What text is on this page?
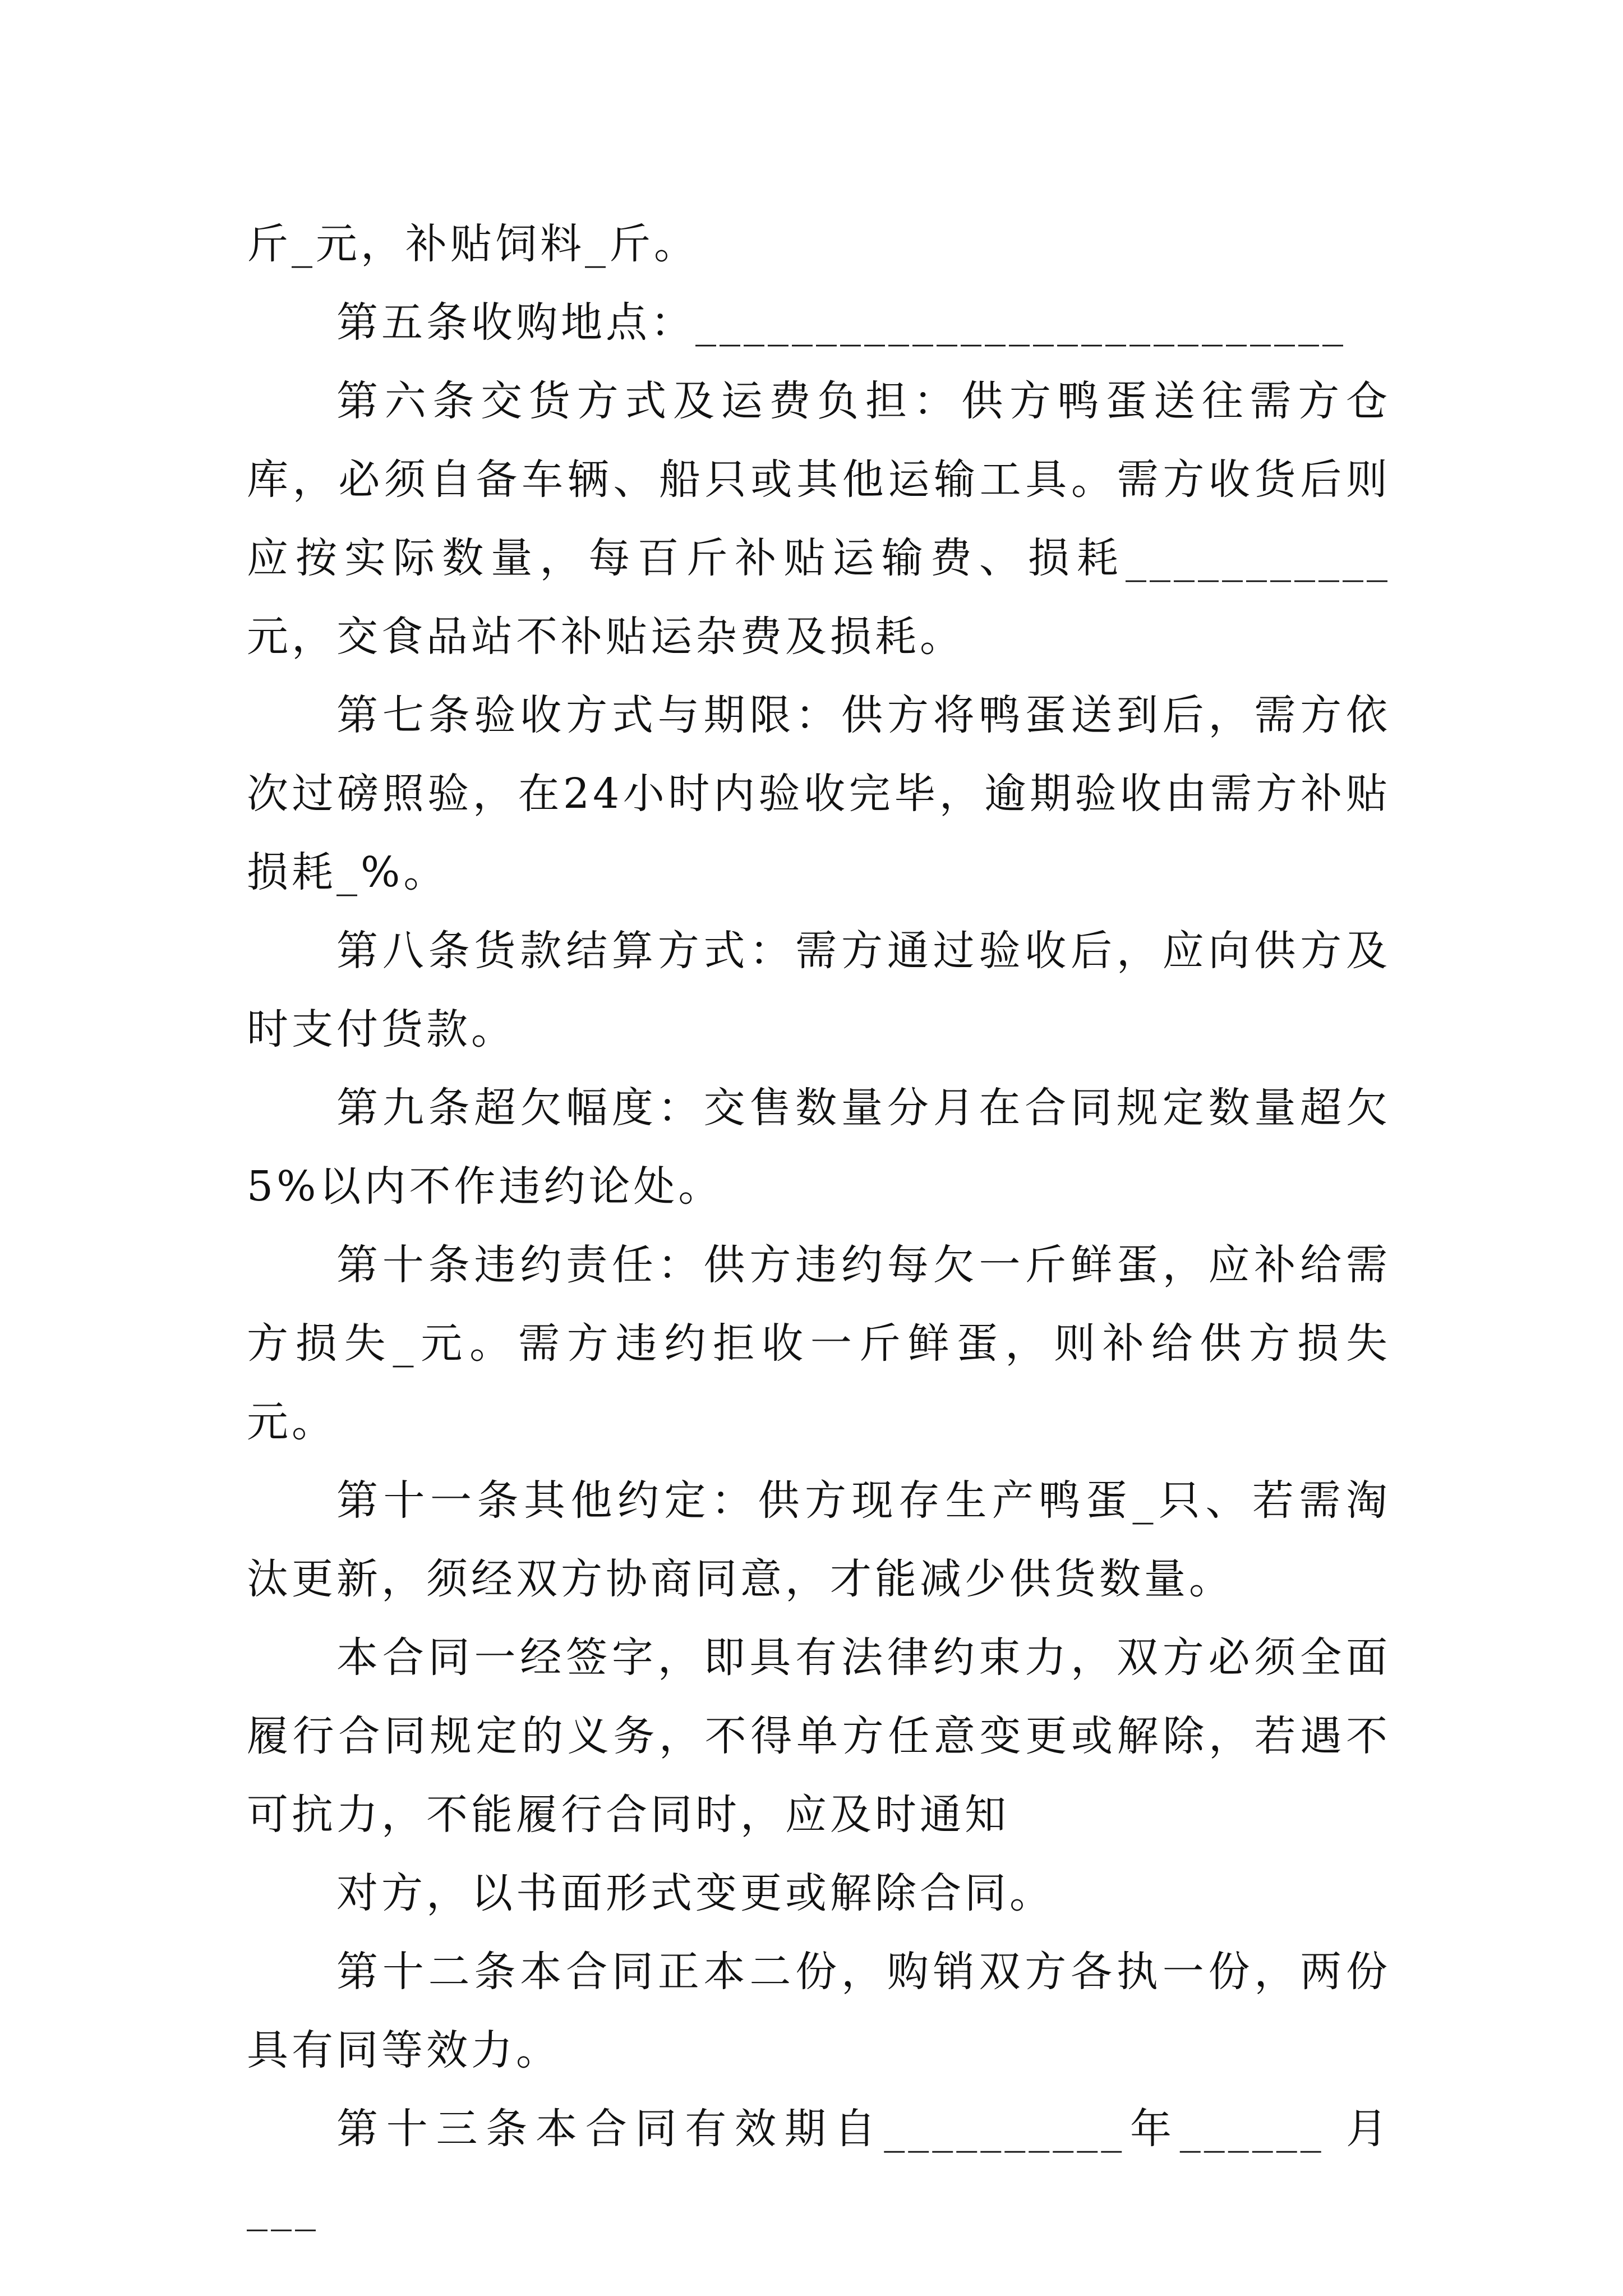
斤_元，补贴饲料_斤。

第五条收购地点：___________________________

第六条交货方式及运费负担：供方鸭蛋送往需方仓库，必须自备车辆、船只或其他运输工具。需方收货后则应按实际数量，每百斤补贴运输费、损耗___________元，交食品站不补贴运杂费及损耗。

第七条验收方式与期限：供方将鸭蛋送到后，需方依次过磅照验，在24小时内验收完毕，逾期验收由需方补贴损耗_%。

第八条货款结算方式：需方通过验收后，应向供方及时支付货款。

第九条超欠幅度：交售数量分月在合同规定数量超欠5%以内不作违约论处。

第十条违约责任：供方违约每欠一斤鲜蛋，应补给需方损失_元。需方违约拒收一斤鲜蛋，则补给供方损失元。

第十一条其他约定：供方现存生产鸭蛋_只、若需淘汰更新，须经双方协商同意，才能减少供货数量。

本合同一经签字，即具有法律约束力，双方必须全面履行合同规定的义务，不得单方任意变更或解除，若遇不可抗力，不能履行合同时，应及时通知

对方，以书面形式变更或解除合同。

第十二条本合同正本二份，购销双方各执一份，两份具有同等效力。

第十三条本合同有效期自__________年______ 月___
